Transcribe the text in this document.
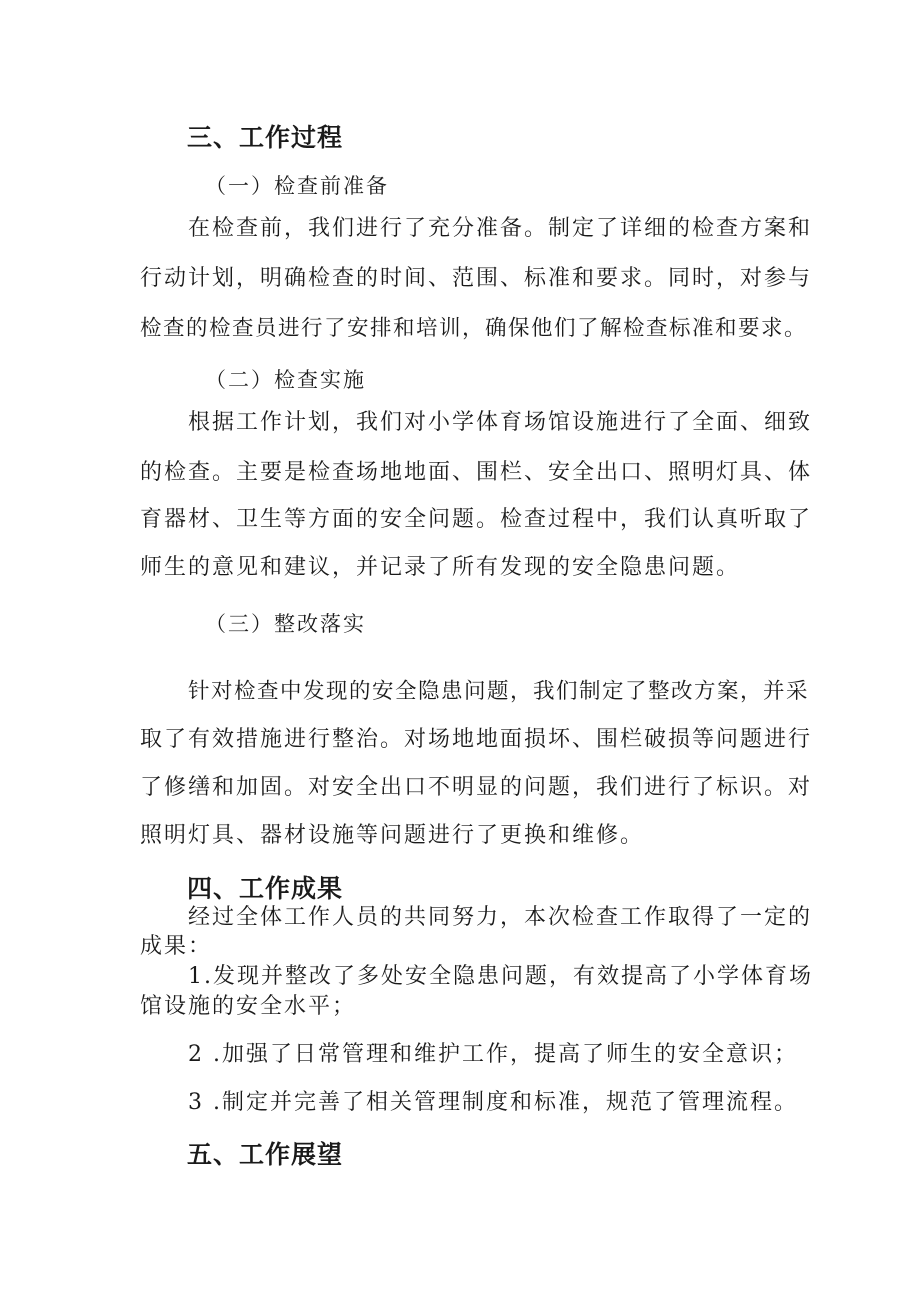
三、工作过程
（一）检查前准备
在检查前，我们进行了充分准备。制定了详细的检查方案和
行动计划，明确检查的时间、范围、标准和要求。同时，对参与
检查的检查员进行了安排和培训，确保他们了解检查标准和要求。
（二）检查实施
根据工作计划，我们对小学体育场馆设施进行了全面、细致
的检查。主要是检查场地地面、围栏、安全出口、照明灯具、体
育器材、卫生等方面的安全问题。检查过程中，我们认真听取了
师生的意见和建议，并记录了所有发现的安全隐患问题。
（三）整改落实
针对检查中发现的安全隐患问题，我们制定了整改方案，并采
取了有效措施进行整治。对场地地面损坏、围栏破损等问题进行
了修缮和加固。对安全出口不明显的问题，我们进行了标识。对
照明灯具、器材设施等问题进行了更换和维修。
四、工作成果
经过全体工作人员的共同努力，本次检查工作取得了一定的
成果：
1.发现并整改了多处安全隐患问题，有效提高了小学体育场
馆设施的安全水平；
2 .加强了日常管理和维护工作，提高了师生的安全意识；
3 .制定并完善了相关管理制度和标准，规范了管理流程。
五、工作展望
